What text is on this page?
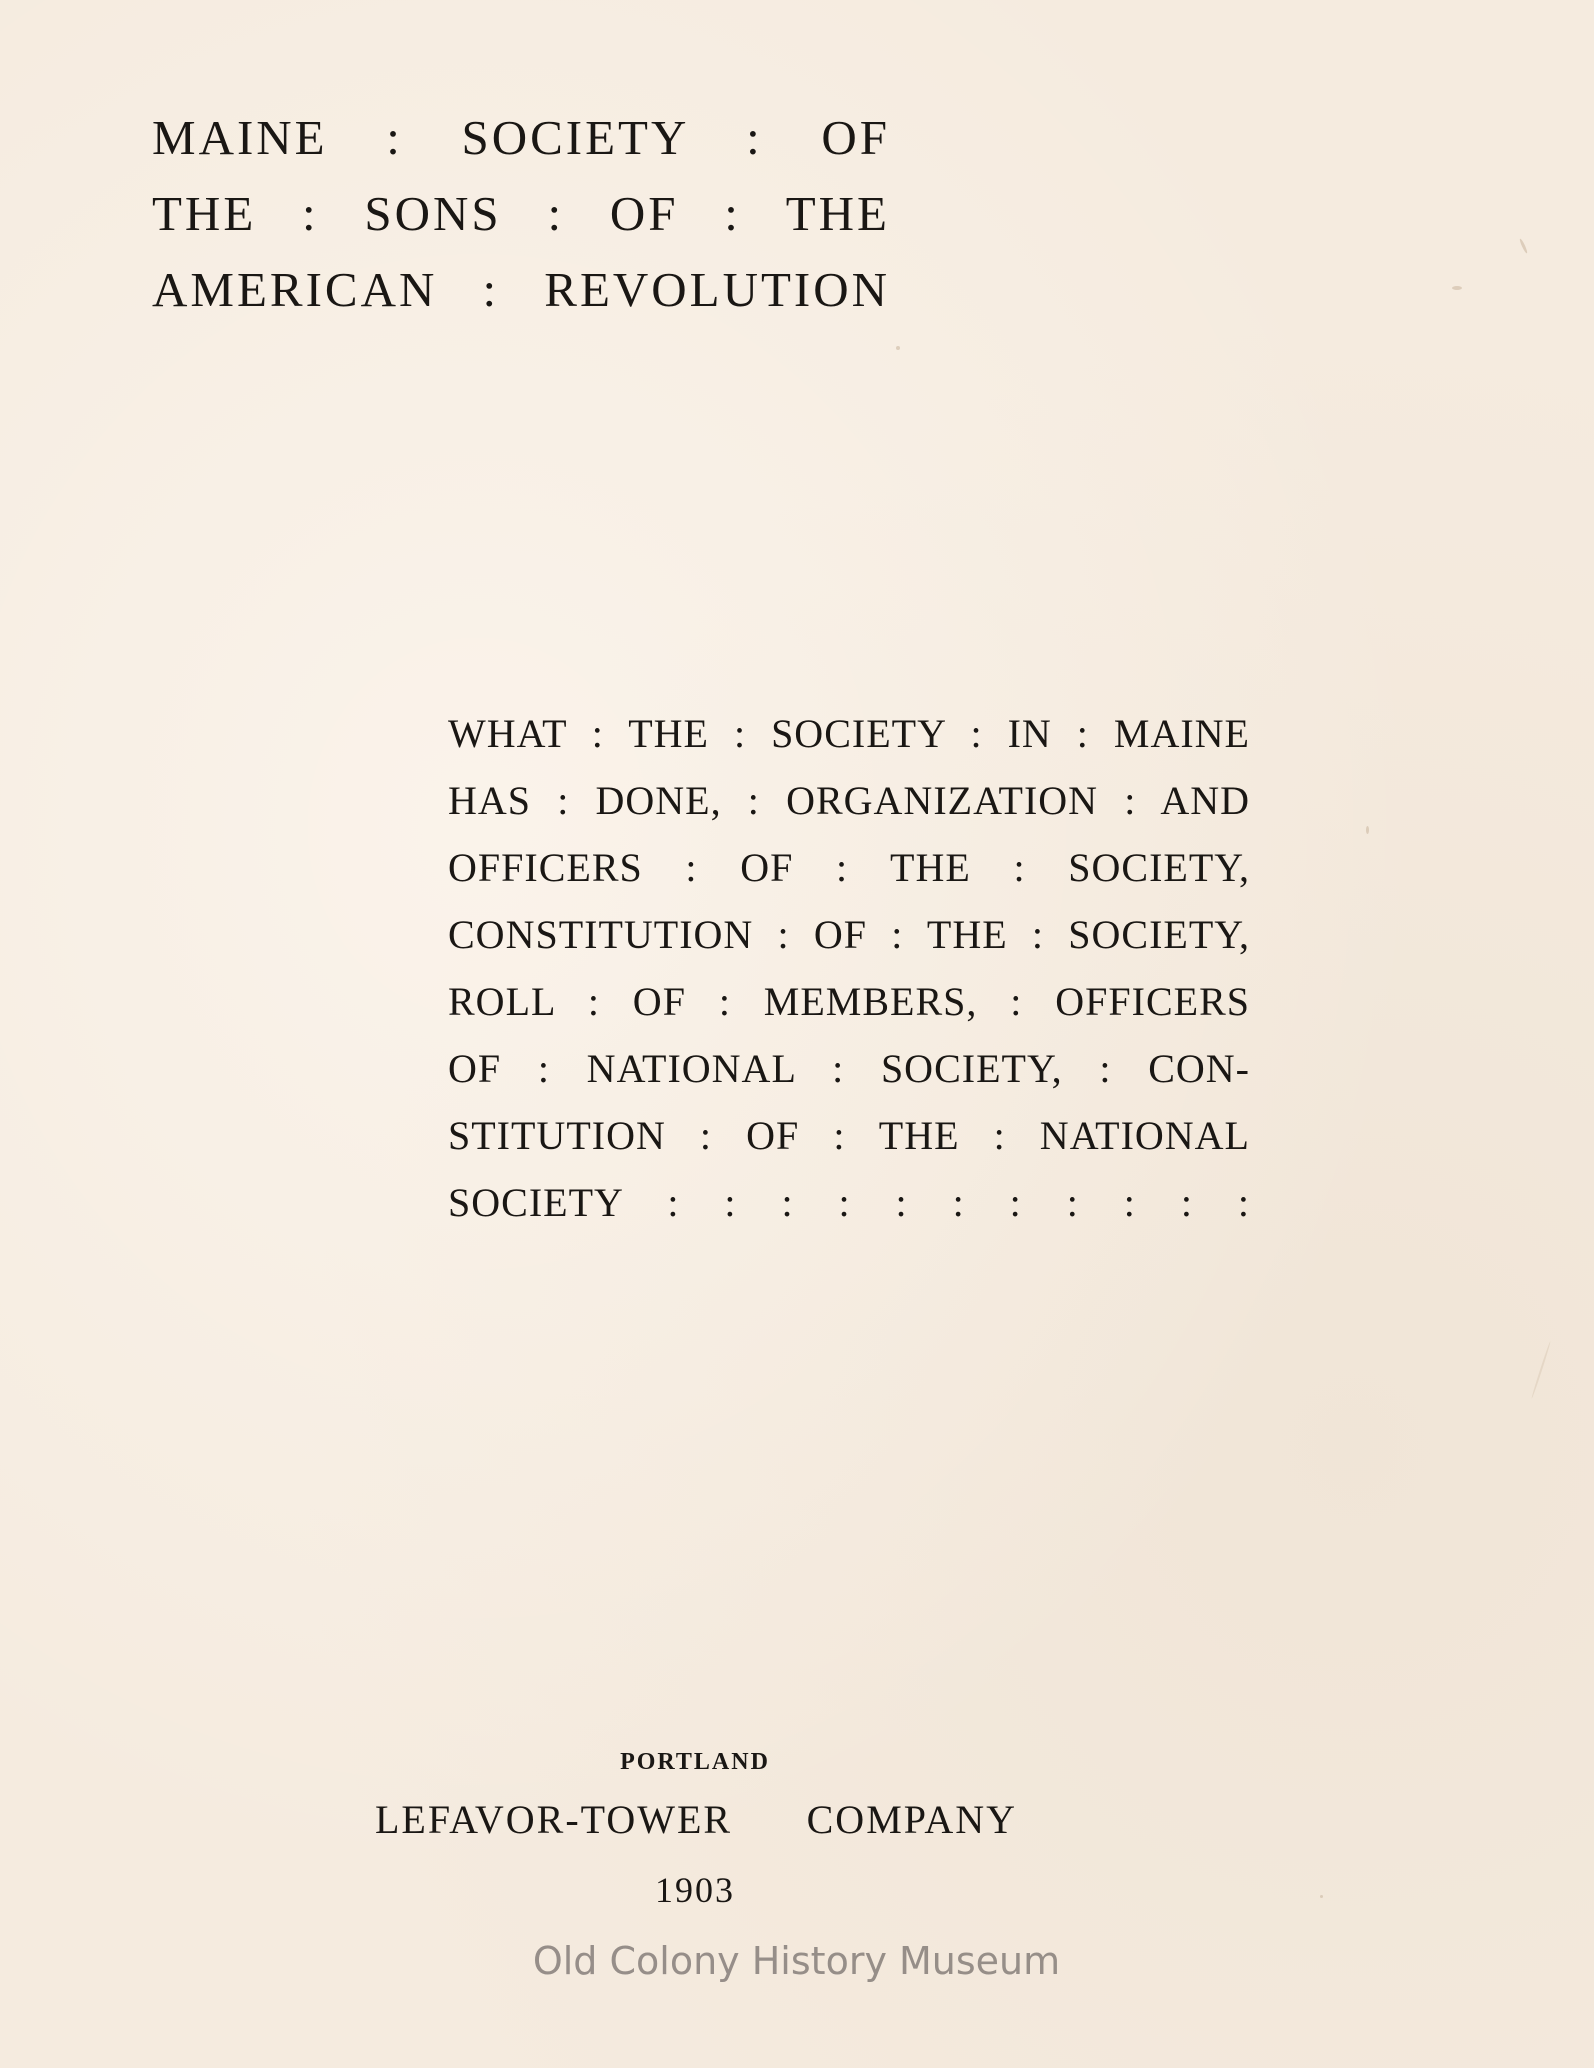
MAINE : SOCIETY : OF
THE : SONS : OF : THE
AMERICAN : REVOLUTION
WHAT : THE : SOCIETY : IN : MAINE
HAS : DONE, : ORGANIZATION : AND
OFFICERS : OF : THE : SOCIETY,
CONSTITUTION : OF : THE : SOCIETY,
ROLL : OF : MEMBERS, : OFFICERS
OF : NATIONAL : SOCIETY, : CON-
STITUTION : OF : THE : NATIONAL
SOCIETY : : : : : : : : : : :
PORTLAND
LEFAVOR-TOWER COMPANY
1903
Old Colony History Museum
